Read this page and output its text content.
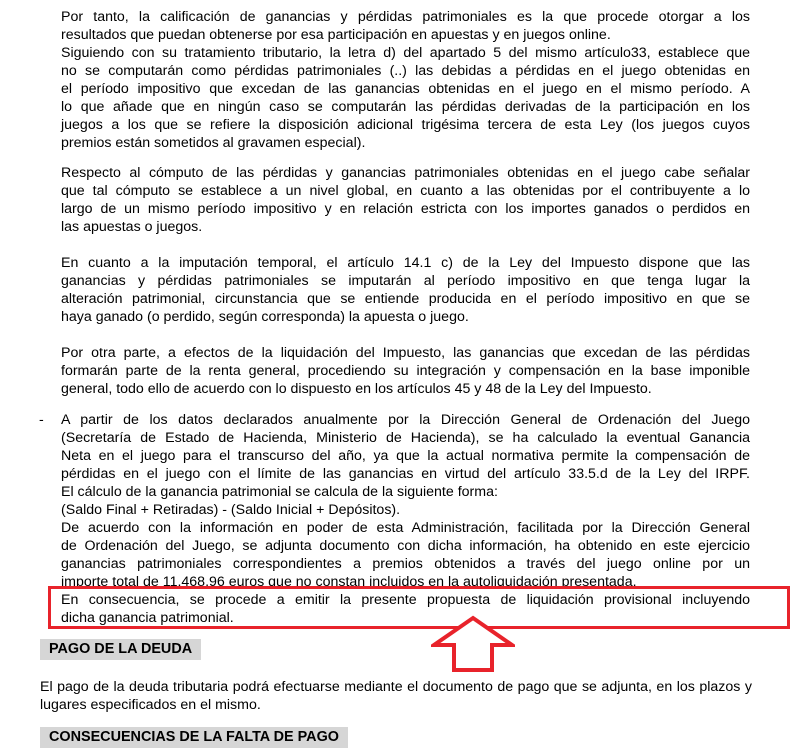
Por tanto, la calificación de ganancias y pérdidas patrimoniales es la que procede otorgar a los
resultados que puedan obtenerse por esa participación en apuestas y en juegos online.
Siguiendo con su tratamiento tributario, la letra d) del apartado 5 del mismo artículo33, establece que
no se computarán como pérdidas patrimoniales (..) las debidas a pérdidas en el juego obtenidas en
el período impositivo que excedan de las ganancias obtenidas en el juego en el mismo período. A
lo que añade que en ningún caso se computarán las pérdidas derivadas de la participación en los
juegos a los que se refiere la disposición adicional trigésima tercera de esta Ley (los juegos cuyos
premios están sometidos al gravamen especial).

Respecto al cómputo de las pérdidas y ganancias patrimoniales obtenidas en el juego cabe señalar
que tal cómputo se establece a un nivel global, en cuanto a las obtenidas por el contribuyente a lo
largo de un mismo período impositivo y en relación estricta con los importes ganados o perdidos en
las apuestas o juegos.

En cuanto a la imputación temporal, el artículo 14.1 c) de la Ley del Impuesto dispone que las
ganancias y pérdidas patrimoniales se imputarán al período impositivo en que tenga lugar la
alteración patrimonial, circunstancia que se entiende producida en el período impositivo en que se
haya ganado (o perdido, según corresponda) la apuesta o juego.

Por otra parte, a efectos de la liquidación del Impuesto, las ganancias que excedan de las pérdidas
formarán parte de la renta general, procediendo su integración y compensación en la base imponible
general, todo ello de acuerdo con lo dispuesto en los artículos 45 y 48 de la Ley del Impuesto.

- A partir de los datos declarados anualmente por la Dirección General de Ordenación del Juego
(Secretaría de Estado de Hacienda, Ministerio de Hacienda), se ha calculado la eventual Ganancia
Neta en el juego para el transcurso del año, ya que la actual normativa permite la compensación de
pérdidas en el juego con el límite de las ganancias en virtud del artículo 33.5.d de la Ley del IRPF.
El cálculo de la ganancia patrimonial se calcula de la siguiente forma:
(Saldo Final + Retiradas) - (Saldo Inicial + Depósitos).
De acuerdo con la información en poder de esta Administración, facilitada por la Dirección General
de Ordenación del Juego, se adjunta documento con dicha información, ha obtenido en este ejercicio
ganancias patrimoniales correspondientes a premios obtenidos a través del juego online por un
importe total de 11.468,96 euros que no constan incluidos en la autoliquidación presentada.

En consecuencia, se procede a emitir la presente propuesta de liquidación provisional incluyendo
dicha ganancia patrimonial.

PAGO DE LA DEUDA

El pago de la deuda tributaria podrá efectuarse mediante el documento de pago que se adjunta, en los plazos y lugares especificados en el mismo.

CONSECUENCIAS DE LA FALTA DE PAGO
